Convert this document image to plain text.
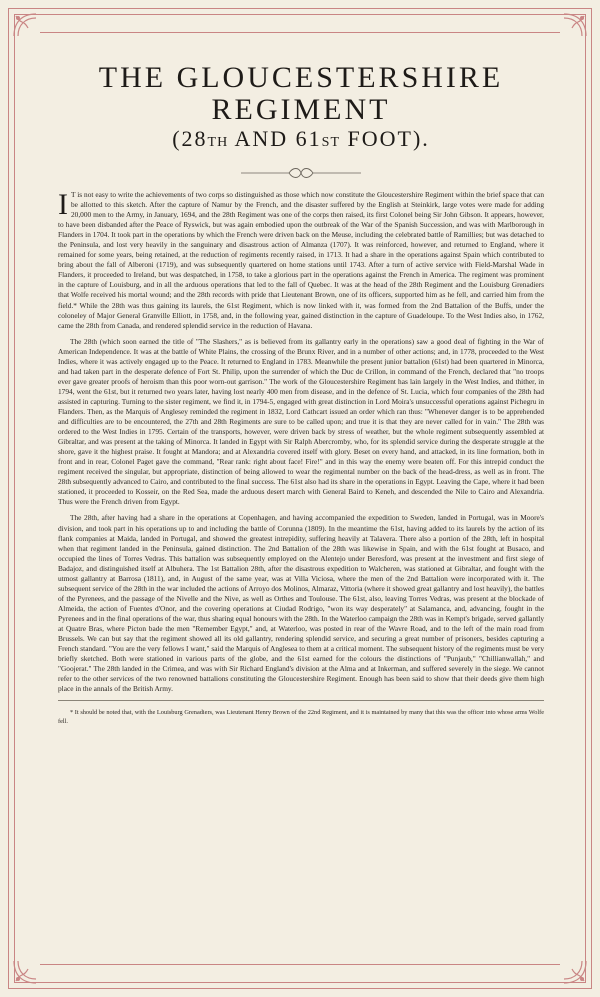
THE GLOUCESTERSHIRE REGIMENT
(28TH AND 61ST FOOT).

I T is not easy to write the achievements of two corps so distinguished as those which now constitute the Gloucestershire Regiment within the brief space that can be allotted to this sketch. After the capture of Namur by the French, and the disaster suffered by the English at Steinkirk, large votes were made for adding 20,000 men to the Army, in January, 1694, and the 28th Regiment was one of the corps then raised, its first Colonel being Sir John Gibson. It appears, however, to have been disbanded after the Peace of Ryswick, but was again embodied upon the outbreak of the War of the Spanish Succession, and was with Marlborough in Flanders in 1704. It took part in the operations by which the French were driven back on the Meuse, including the celebrated battle of Ramillies; but was detached to the Peninsula, and lost very heavily in the sanguinary and disastrous action of Almanza (1707). It was reinforced, however, and returned to England, where it remained for some years, being retained, at the reduction of regiments recently raised, in 1713. It had a share in the operations against Spain which contributed to bring about the fall of Alberoni (1719), and was subsequently quartered on home stations until 1743. After a turn of active service with Field-Marshal Wade in Flanders, it proceeded to Ireland, but was despatched, in 1758, to take a glorious part in the operations against the French in America. The regiment was prominent in the capture of Louisburg, and in all the arduous operations that led to the fall of Quebec. It was at the head of the 28th Regiment and the Louisburg Grenadiers that Wolfe received his mortal wound; and the 28th records with pride that Lieutenant Brown, one of its officers, supported him as he fell, and carried him from the field.* While the 28th was thus gaining its laurels, the 61st Regiment, which is now linked with it, was formed from the 2nd Battalion of the Buffs, under the coloneley of Major General Granville Elliott, in 1758, and, in the following year, gained distinction in the capture of Guadeloupe. To the West Indies also, in 1762, came the 28th from Canada, and rendered splendid service in the reduction of Havana.

The 28th (which soon earned the title of "The Slashers," as is believed from its gallantry early in the operations) saw a good deal of fighting in the War of American Independence. It was at the battle of White Plains, the crossing of the Brunx River, and in a number of other actions; and, in 1778, proceeded to the West Indies, where it was actively engaged up to the Peace. It returned to England in 1783. Meanwhile the present junior battalion (61st) had been quartered in Minorca, and had taken part in the desperate defence of Fort St. Philip, upon the surrender of which the Duc de Crillon, in command of the French, declared that "no troops ever gave greater proofs of heroism than this poor worn-out garrison." The work of the Gloucestershire Regiment has lain largely in the West Indies, and thither, in 1794, went the 61st, but it returned two years later, having lost nearly 400 men from disease, and in the defence of St. Lucia, which four companies of the 28th had assisted in capturing. Turning to the sister regiment, we find it, in 1794-5, engaged with great distinction in Lord Moira's unsuccessful operations against Pichegru in Flanders. Then, as the Marquis of Anglesey reminded the regiment in 1832, Lord Cathcart issued an order which ran thus: "Whenever danger is to be apprehended and difficulties are to be encountered, the 27th and 28th Regiments are sure to be called upon; and true it is that they are never called for in vain." The 28th was ordered to the West Indies in 1795. Certain of the transports, however, were driven back by stress of weather, but the whole regiment subsequently assembled at Gibraltar, and was present at the taking of Minorca. It landed in Egypt with Sir Ralph Abercromby, who, for its splendid service during the desperate struggle at the shore, gave it the highest praise. It fought at Mandora; and at Alexandria covered itself with glory. Beset on every hand, and attacked, in its line formation, both in front and in rear, Colonel Paget gave the command, "Rear rank: right about face! Fire!" and in this way the enemy were beaten off. For this intrepid conduct the regiment received the singular, but appropriate, distinction of being allowed to wear the regimental number on the back of the head-dress, as well as in front. The 28th subsequently advanced to Cairo, and contributed to the final success. The 61st also had its share in the operations in Egypt. Leaving the Cape, where it had been stationed, it proceeded to Kosseir, on the Red Sea, made the arduous desert march with General Baird to Keneh, and descended the Nile to Cairo and Alexandria. Thus were the French driven from Egypt.

The 28th, after having had a share in the operations at Copenhagen, and having accompanied the expedition to Sweden, landed in Portugal, was in Moore's division, and took part in his operations up to and including the battle of Corunna (1809). In the meantime the 61st, having added to its laurels by the action of its flank companies at Maida, landed in Portugal, and showed the greatest intrepidity, suffering heavily at Talavera. There also a portion of the 28th, left in hospital when that regiment landed in the Peninsula, gained distinction. The 2nd Battalion of the 28th was likewise in Spain, and with the 61st fought at Busaco, and occupied the lines of Torres Vedras. This battalion was subsequently employed on the Alentejo under Beresford, was present at the investment and first siege of Badajoz, and distinguished itself at Albuhera. The 1st Battalion 28th, after the disastrous expedition to Walcheren, was stationed at Gibraltar, and fought with the utmost gallantry at Barrosa (1811), and, in August of the same year, was at Villa Viciosa, where the men of the 2nd Battalion were incorporated with it. The subsequent service of the 28th in the war included the actions of Arroyo dos Molinos, Almaraz, Vittoria (where it showed great gallantry and lost heavily), the battles of the Pyrenees, and the passage of the Nivelle and the Nive, as well as Orthes and Toulouse. The 61st, also, leaving Torres Vedras, was present at the blockade of Almeida, the action of Fuentes d'Onor, and the covering operations at Ciudad Rodrigo, "won its way desperately" at Salamanca, and, advancing, fought in the Pyrenees and in the final operations of the war, thus sharing equal honours with the 28th. In the Waterloo campaign the 28th was in Kempt's brigade, served gallantly at Quatre Bras, where Picton bade the men "Remember Egypt," and, at Waterloo, was posted in rear of the Wavre Road, and to the left of the main road from Brussels. We can but say that the regiment showed all its old gallantry, rendering splendid service, and securing a great number of prisoners, besides capturing a French standard. "You are the very fellows I want," said the Marquis of Anglesea to them at a critical moment. The subsequent history of the regiments must be very briefly sketched. Both were stationed in various parts of the globe, and the 61st earned for the colours the distinctions of "Punjaub," "Chillianwallah," and "Goojerat." The 28th landed in the Crimea, and was with Sir Richard England's division at the Alma and at Inkerman, and suffered severely in the siege. We cannot refer to the other services of the two renowned battalions constituting the Gloucestershire Regiment. Enough has been said to show that their deeds give them high place in the annals of the British Army.

* It should be noted that, with the Louisburg Grenadiers, was Lieutenant Henry Brown of the 22nd Regiment, and it is maintained by many that this was the officer into whose arms Wolfe fell.
